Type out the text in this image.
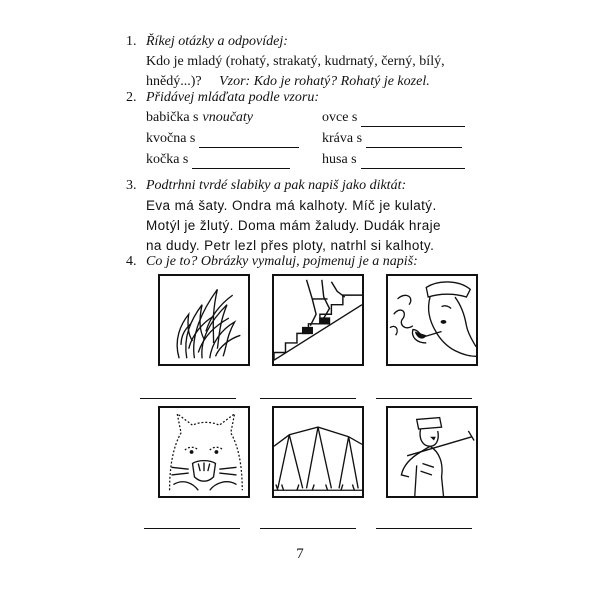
1. Říkej otázky a odpovídej:
Kdo je mladý (rohatý, strakatý, kudrnatý, černý, bílý,
hnědý...)? Vzor: Kdo je rohatý? Rohatý je kozel.
2. Přidávej mláďata podle vzoru:
babička s vnoučaty	ovce s
kvočna s	kráva s
kočka s	husa s
3. Podtrhni tvrdé slabiky a pak napiš jako diktát:
Eva má šaty. Ondra má kalhoty. Míč je kulatý.
Motýl je žlutý. Doma mám žaludy. Dudák hraje
na dudy. Petr lezl přes ploty, natrhl si kalhoty.
4. Co je to? Obrázky vymaluj, pojmenuj je a napiš:
7
